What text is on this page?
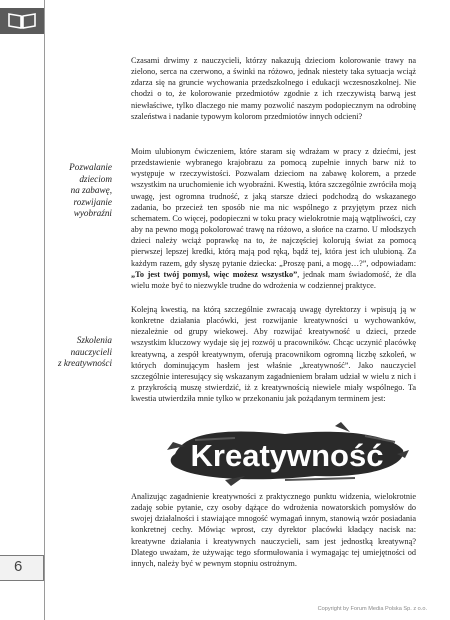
6
Pozwalanie
dzieciom
na zabawę,
rozwijanie
wyobraźni
Szkolenia
nauczycieli
z kreatywności

Czasami drwimy z nauczycieli, którzy nakazują dzieciom kolorowanie trawy na zielono, serca na czerwono, a świnki na różowo, jednak niestety taka sytuacja wciąż zdarza się na gruncie wychowania przedszkolnego i edukacji wczesnoszkolnej. Nie chodzi o to, że kolorowanie przedmiotów zgodnie z ich rzeczywistą barwą jest niewłaściwe, tylko dlaczego nie mamy pozwolić naszym podopiecznym na odrobinę szaleństwa i nadanie typowym kolorom przedmiotów innych odcieni?

Moim ulubionym ćwiczeniem, które staram się wdrażam w pracy z dziećmi, jest przedstawienie wybranego krajobrazu za pomocą zupełnie innych barw niż to występuje w rzeczywistości. Pozwalam dzieciom na zabawę kolorem, a przede wszystkim na uruchomienie ich wyobraźni. Kwestią, która szczególnie zwróciła moją uwagę, jest ogromna trudność, z jaką starsze dzieci podchodzą do wskazanego zadania, bo przecież ten sposób nie ma nic wspólnego z przyjętym przez nich schematem. Co więcej, podopieczni w toku pracy wielokrotnie mają wątpliwości, czy aby na pewno mogą pokolorować trawę na różowo, a słońce na czarno. U młodszych dzieci należy wciąż poprawkę na to, że najczęściej kolorują świat za pomocą pierwszej lepszej kredki, którą mają pod ręką, bądź tej, która jest ich ulubioną. Za każdym razem, gdy słyszę pytanie dziecka: „Proszę pani, a mogę…?”, odpowiadam: „To jest twój pomysł, więc możesz wszystko”, jednak mam świadomość, że dla wielu może być to niezwykle trudne do wdrożenia w codziennej praktyce.

Kolejną kwestią, na którą szczególnie zwracają uwagę dyrektorzy i wpisują ją w konkretne działania placówki, jest rozwijanie kreatywności u wychowanków, niezależnie od grupy wiekowej. Aby rozwijać kreatywność u dzieci, przede wszystkim kluczowy wydaje się jej rozwój u pracowników. Chcąc uczynić placówkę kreatywną, a zespół kreatywnym, oferują pracownikom ogromną liczbę szkoleń, w których dominującym hasłem jest właśnie „kreatywność”. Jako nauczyciel szczególnie interesujący się wskazanym zagadnieniem brałam udział w wielu z nich i z przykrością muszę stwierdzić, iż z kreatywnością niewiele miały wspólnego. Ta kwestia utwierdziła mnie tylko w przekonaniu jak pożądanym terminem jest:

Kreatywność

Analizując zagadnienie kreatywności z praktycznego punktu widzenia, wielokrotnie zadaję sobie pytanie, czy osoby dążące do wdrożenia nowatorskich pomysłów do swojej działalności i stawiające mnogość wymagań innym, stanowią wzór posiadania konkretnej cechy. Mówiąc wprost, czy dyrektor placówki kładący nacisk na: kreatywne działania i kreatywnych nauczycieli, sam jest jednostką kreatywną? Dlatego uważam, że używając tego sformułowania i wymagając tej umiejętności od innych, należy być w pewnym stopniu ostrożnym.

Copyright by Forum Media Polska Sp. z o.o.
